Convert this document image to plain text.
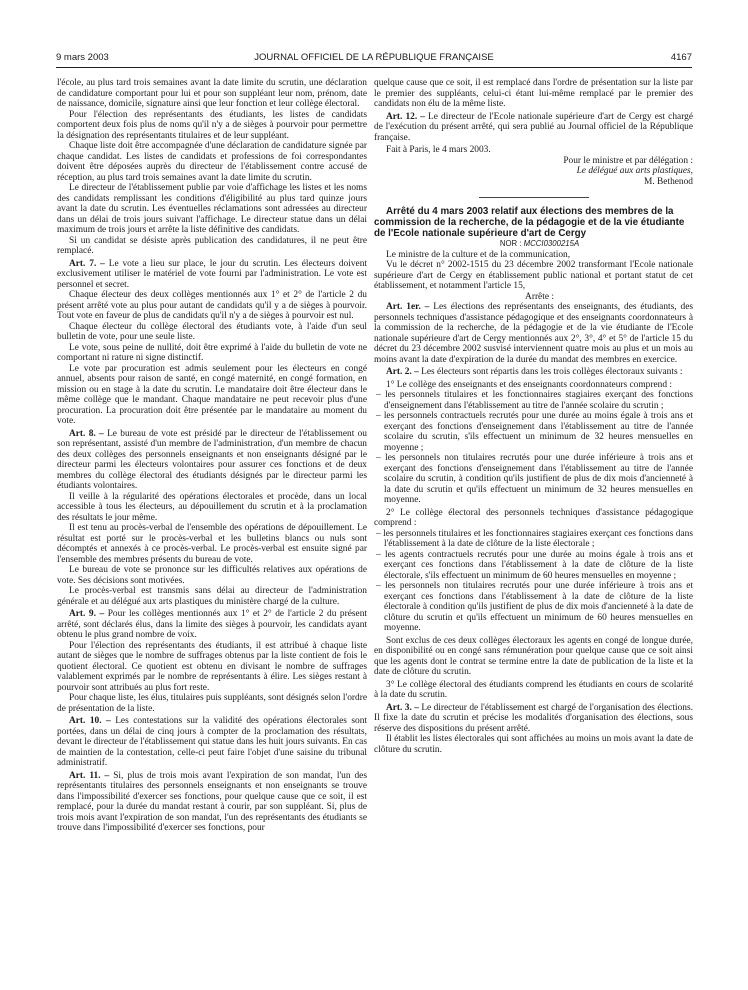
9 mars 2003	JOURNAL OFFICIEL DE LA RÉPUBLIQUE FRANÇAISE	4167

l'école, au plus tard trois semaines avant la date limite du scrutin, une déclaration de candidature comportant pour lui et pour son suppléant leur nom, prénom, date de naissance, domicile, signature ainsi que leur fonction et leur collège électoral.

Pour l'élection des représentants des étudiants, les listes de candidats comportent deux fois plus de noms qu'il n'y a de sièges à pourvoir pour permettre la désignation des représentants titulaires et de leur suppléant.

Chaque liste doit être accompagnée d'une déclaration de candidature signée par chaque candidat. Les listes de candidats et professions de foi correspondantes doivent être déposées auprès du directeur de l'établissement contre accusé de réception, au plus tard trois semaines avant la date limite du scrutin.

Le directeur de l'établissement publie par voie d'affichage les listes et les noms des candidats remplissant les conditions d'éligibilité au plus tard quinze jours avant la date du scrutin. Les éventuelles réclamations sont adressées au directeur dans un délai de trois jours suivant l'affichage. Le directeur statue dans un délai maximum de trois jours et arrête la liste définitive des candidats.

Si un candidat se désiste après publication des candidatures, il ne peut être remplacé.

Art. 7. – Le vote a lieu sur place, le jour du scrutin. Les électeurs doivent exclusivement utiliser le matériel de vote fourni par l'administration. Le vote est personnel et secret.

Chaque électeur des deux collèges mentionnés aux 1° et 2° de l'article 2 du présent arrêté vote au plus pour autant de candidats qu'il y a de sièges à pourvoir. Tout vote en faveur de plus de candidats qu'il n'y a de sièges à pourvoir est nul.

Chaque électeur du collège électoral des étudiants vote, à l'aide d'un seul bulletin de vote, pour une seule liste.

Le vote, sous peine de nullité, doit être exprimé à l'aide du bulletin de vote ne comportant ni rature ni signe distinctif.

Le vote par procuration est admis seulement pour les électeurs en congé annuel, absents pour raison de santé, en congé maternité, en congé formation, en mission ou en stage à la date du scrutin. Le mandataire doit être électeur dans le même collège que le mandant. Chaque mandataire ne peut recevoir plus d'une procuration. La procuration doit être présentée par le mandataire au moment du vote.

Art. 8. – Le bureau de vote est présidé par le directeur de l'établissement ou son représentant, assisté d'un membre de l'administration, d'un membre de chacun des deux collèges des personnels enseignants et non enseignants désigné par le directeur parmi les électeurs volontaires pour assurer ces fonctions et de deux membres du collège électoral des étudiants désignés par le directeur parmi les étudiants volontaires.

Il veille à la régularité des opérations électorales et procède, dans un local accessible à tous les électeurs, au dépouillement du scrutin et à la proclamation des résultats le jour même.

Il est tenu au procès-verbal de l'ensemble des opérations de dépouillement. Le résultat est porté sur le procès-verbal et les bulletins blancs ou nuls sont décomptés et annexés à ce procès-verbal. Le procès-verbal est ensuite signé par l'ensemble des membres présents du bureau de vote.

Le bureau de vote se prononce sur les difficultés relatives aux opérations de vote. Ses décisions sont motivées.

Le procès-verbal est transmis sans délai au directeur de l'administration générale et au délégué aux arts plastiques du ministère chargé de la culture.

Art. 9. – Pour les collèges mentionnés aux 1° et 2° de l'article 2 du présent arrêté, sont déclarés élus, dans la limite des sièges à pourvoir, les candidats ayant obtenu le plus grand nombre de voix.

Pour l'élection des représentants des étudiants, il est attribué à chaque liste autant de sièges que le nombre de suffrages obtenus par la liste contient de fois le quotient électoral. Ce quotient est obtenu en divisant le nombre de suffrages valablement exprimés par le nombre de représentants à élire. Les sièges restant à pourvoir sont attribués au plus fort reste.

Pour chaque liste, les élus, titulaires puis suppléants, sont désignés selon l'ordre de présentation de la liste.

Art. 10. – Les contestations sur la validité des opérations électorales sont portées, dans un délai de cinq jours à compter de la proclamation des résultats, devant le directeur de l'établissement qui statue dans les huit jours suivants. En cas de maintien de la contestation, celle-ci peut faire l'objet d'une saisine du tribunal administratif.

Art. 11. – Si, plus de trois mois avant l'expiration de son mandat, l'un des représentants titulaires des personnels enseignants et non enseignants se trouve dans l'impossibilité d'exercer ses fonctions, pour quelque cause que ce soit, il est remplacé, pour la durée du mandat restant à courir, par son suppléant. Si, plus de trois mois avant l'expiration de son mandat, l'un des représentants des étudiants se trouve dans l'impossibilité d'exercer ses fonctions, pour

quelque cause que ce soit, il est remplacé dans l'ordre de présentation sur la liste par le premier des suppléants, celui-ci étant lui-même remplacé par le premier des candidats non élu de la même liste.

Art. 12. – Le directeur de l'Ecole nationale supérieure d'art de Cergy est chargé de l'exécution du présent arrêté, qui sera publié au Journal officiel de la République française.

Fait à Paris, le 4 mars 2003.

Pour le ministre et par délégation :

Le délégué aux arts plastiques,

M. Bethenod

Arrêté du 4 mars 2003 relatif aux élections des membres de la commission de la recherche, de la pédagogie et de la vie étudiante de l'Ecole nationale supérieure d'art de Cergy

NOR : MCCI0300215A

Le ministre de la culture et de la communication,

Vu le décret n° 2002-1515 du 23 décembre 2002 transformant l'Ecole nationale supérieure d'art de Cergy en établissement public national et portant statut de cet établissement, et notamment l'article 15,

Arrête :

Art. 1er. – Les élections des représentants des enseignants, des étudiants, des personnels techniques d'assistance pédagogique et des enseignants coordonnateurs à la commission de la recherche, de la pédagogie et de la vie étudiante de l'Ecole nationale supérieure d'art de Cergy mentionnés aux 2°, 3°, 4° et 5° de l'article 15 du décret du 23 décembre 2002 susvisé interviennent quatre mois au plus et un mois au moins avant la date d'expiration de la durée du mandat des membres en exercice.

Art. 2. – Les électeurs sont répartis dans les trois collèges électoraux suivants :

1° Le collège des enseignants et des enseignants coordonnateurs comprend :

– les personnels titulaires et les fonctionnaires stagiaires exerçant des fonctions d'enseignement dans l'établissement au titre de l'année scolaire du scrutin ;
– les personnels contractuels recrutés pour une durée au moins égale à trois ans et exerçant des fonctions d'enseignement dans l'établissement au titre de l'année scolaire du scrutin, s'ils effectuent un minimum de 32 heures mensuelles en moyenne ;
– les personnels non titulaires recrutés pour une durée inférieure à trois ans et exerçant des fonctions d'enseignement dans l'établissement au titre de l'année scolaire du scrutin, à condition qu'ils justifient de plus de dix mois d'ancienneté à la date du scrutin et qu'ils effectuent un minimum de 32 heures mensuelles en moyenne.

2° Le collège électoral des personnels techniques d'assistance pédagogique comprend :

– les personnels titulaires et les fonctionnaires stagiaires exerçant ces fonctions dans l'établissement à la date de clôture de la liste électorale ;
– les agents contractuels recrutés pour une durée au moins égale à trois ans et exerçant ces fonctions dans l'établissement à la date de clôture de la liste électorale, s'ils effectuent un minimum de 60 heures mensuelles en moyenne ;
– les personnels non titulaires recrutés pour une durée inférieure à trois ans et exerçant ces fonctions dans l'établissement à la date de clôture de la liste électorale à condition qu'ils justifient de plus de dix mois d'ancienneté à la date de clôture du scrutin et qu'ils effectuent un minimum de 60 heures mensuelles en moyenne.

Sont exclus de ces deux collèges électoraux les agents en congé de longue durée, en disponibilité ou en congé sans rémunération pour quelque cause que ce soit ainsi que les agents dont le contrat se termine entre la date de publication de la liste et la date de clôture du scrutin.

3° Le collège électoral des étudiants comprend les étudiants en cours de scolarité à la date du scrutin.

Art. 3. – Le directeur de l'établissement est chargé de l'organisation des élections. Il fixe la date du scrutin et précise les modalités d'organisation des élections, sous réserve des dispositions du présent arrêté.

Il établit les listes électorales qui sont affichées au moins un mois avant la date de clôture du scrutin.
